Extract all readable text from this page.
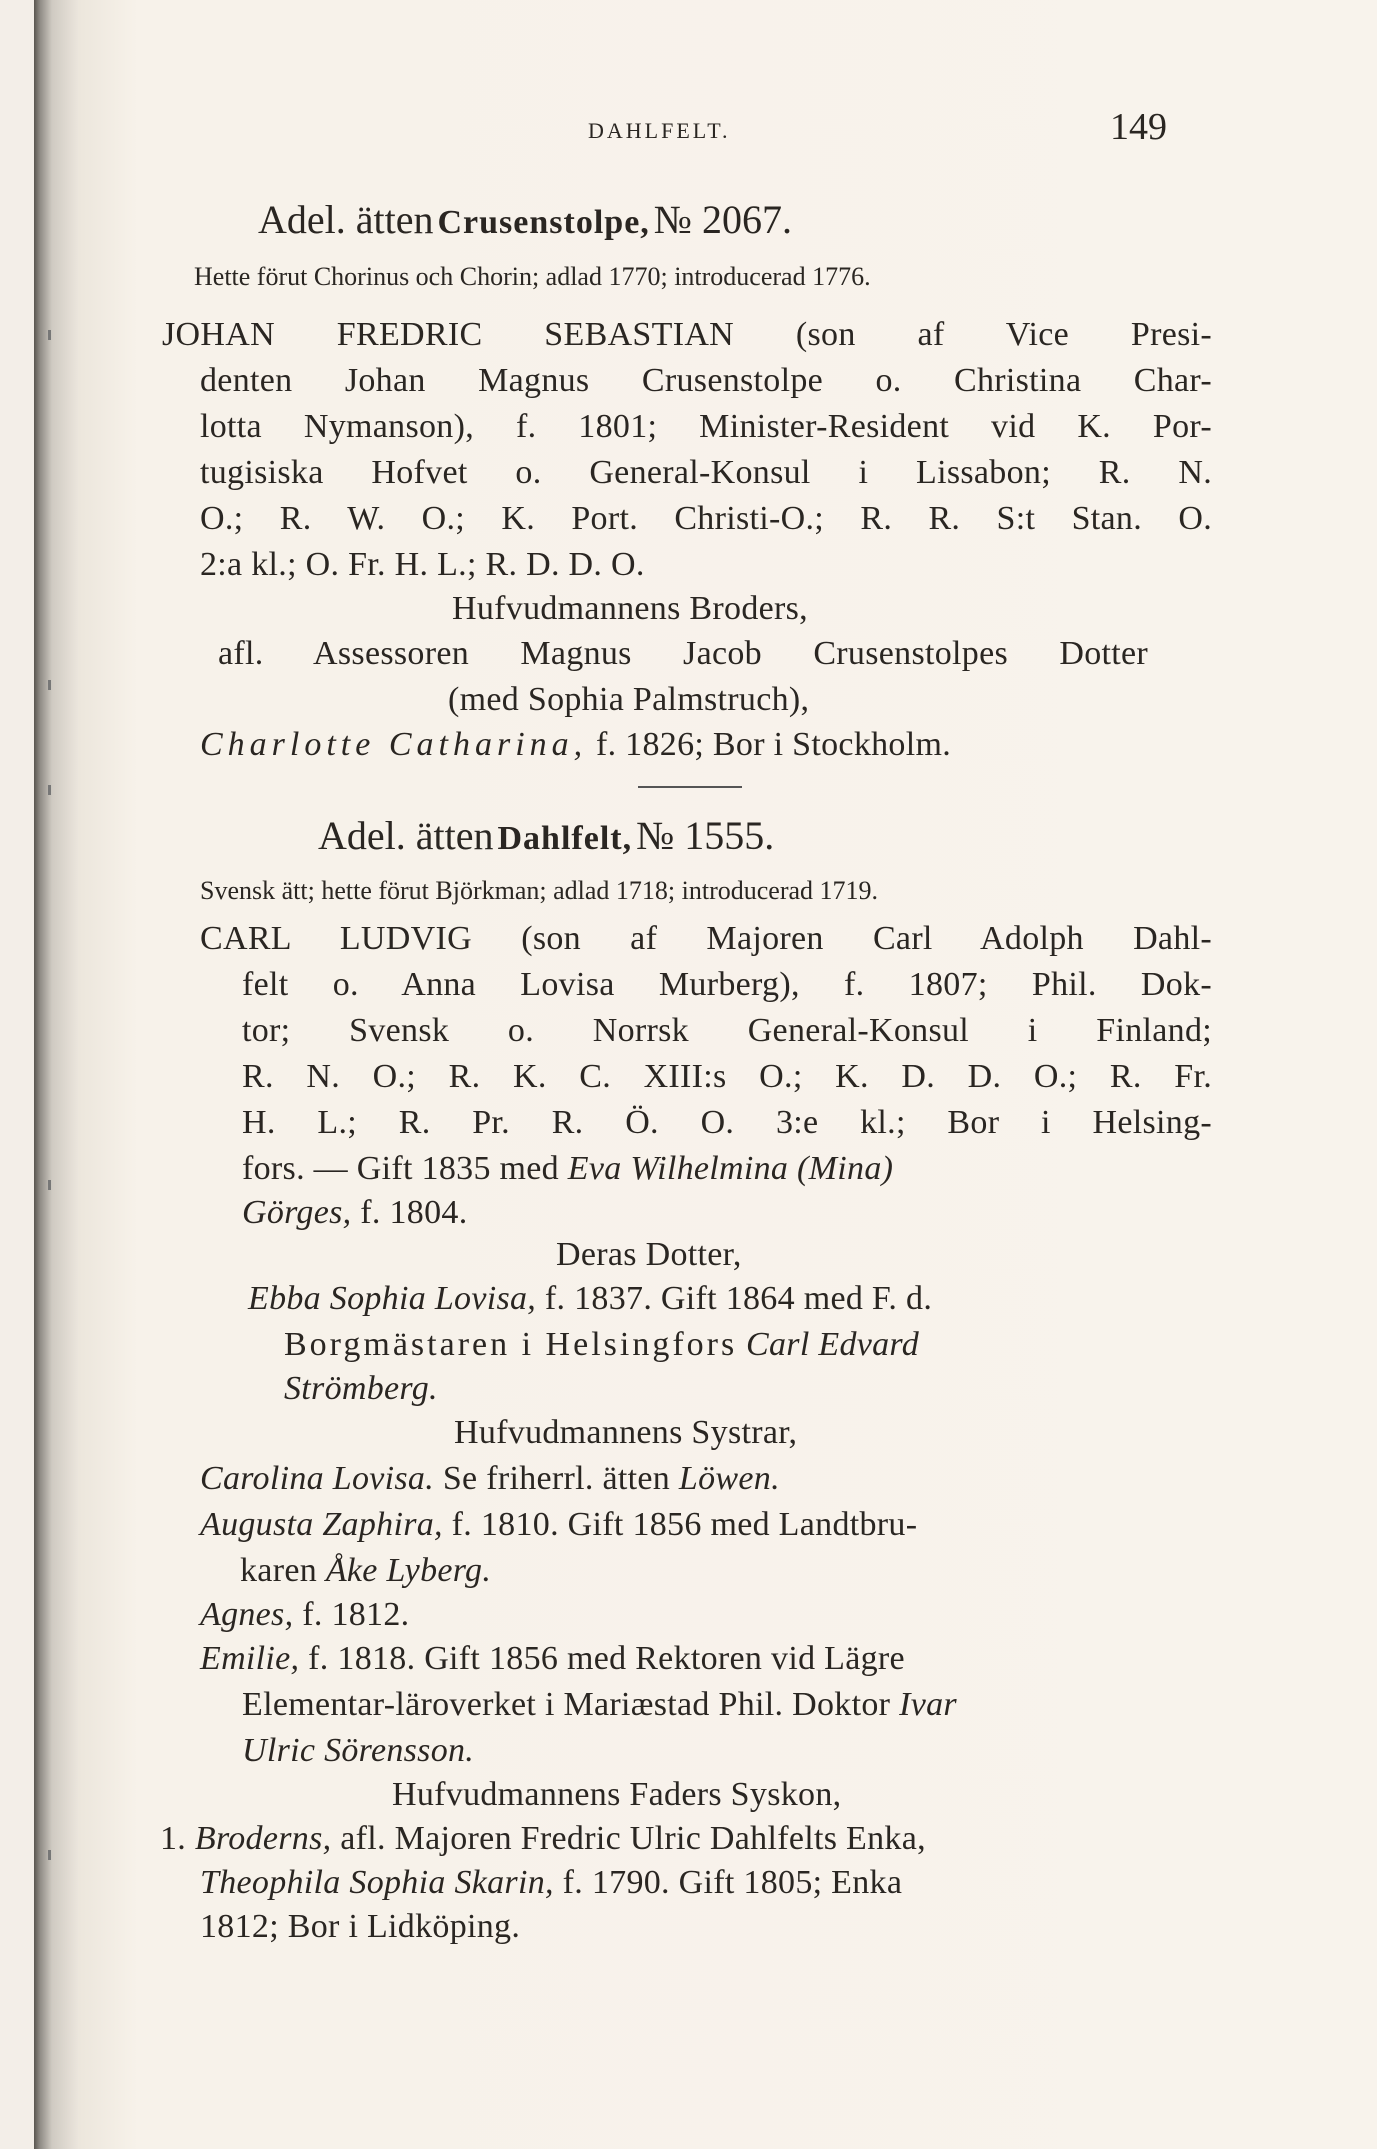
DAHLFELT.	149
Adel. ätten Crusenstolpe, № 2067.
Hette förut Chorinus och Chorin; adlad 1770; introducerad 1776.
JOHAN FREDRIC SEBASTIAN (son af Vice Presi-
denten Johan Magnus Crusenstolpe o. Christina Char-
lotta Nymanson), f. 1801; Minister-Resident vid K. Por-
tugisiska Hofvet o. General-Konsul i Lissabon; R. N.
O.; R. W. O.; K. Port. Christi-O.; R. R. S:t Stan. O.
2:a kl.; O. Fr. H. L.; R. D. D. O.
Hufvudmannens Broders,
afl. Assessoren Magnus Jacob Crusenstolpes Dotter
(med Sophia Palmstruch),
Charlotte Catharina, f. 1826; Bor i Stockholm.
Adel. ätten Dahlfelt, № 1555.
Svensk ätt; hette förut Björkman; adlad 1718; introducerad 1719.
CARL LUDVIG (son af Majoren Carl Adolph Dahl-
felt o. Anna Lovisa Murberg), f. 1807; Phil. Dok-
tor; Svensk o. Norrsk General-Konsul i Finland;
R. N. O.; R. K. C. XIII:s O.; K. D. D. O.; R. Fr.
H. L.; R. Pr. R. Ö. O. 3:e kl.; Bor i Helsing-
fors. — Gift 1835 med Eva Wilhelmina (Mina)
Görges, f. 1804.
Deras Dotter,
Ebba Sophia Lovisa, f. 1837. Gift 1864 med F. d.
Borgmästaren i Helsingfors Carl Edvard
Strömberg.
Hufvudmannens Systrar,
Carolina Lovisa. Se friherrl. ätten Löwen.
Augusta Zaphira, f. 1810. Gift 1856 med Landtbru-
karen Åke Lyberg.
Agnes, f. 1812.
Emilie, f. 1818. Gift 1856 med Rektoren vid Lägre
Elementar-läroverket i Mariæstad Phil. Doktor Ivar
Ulric Sörensson.
Hufvudmannens Faders Syskon,
1. Broderns, afl. Majoren Fredric Ulric Dahlfelts Enka,
Theophila Sophia Skarin, f. 1790. Gift 1805; Enka
1812; Bor i Lidköping.
